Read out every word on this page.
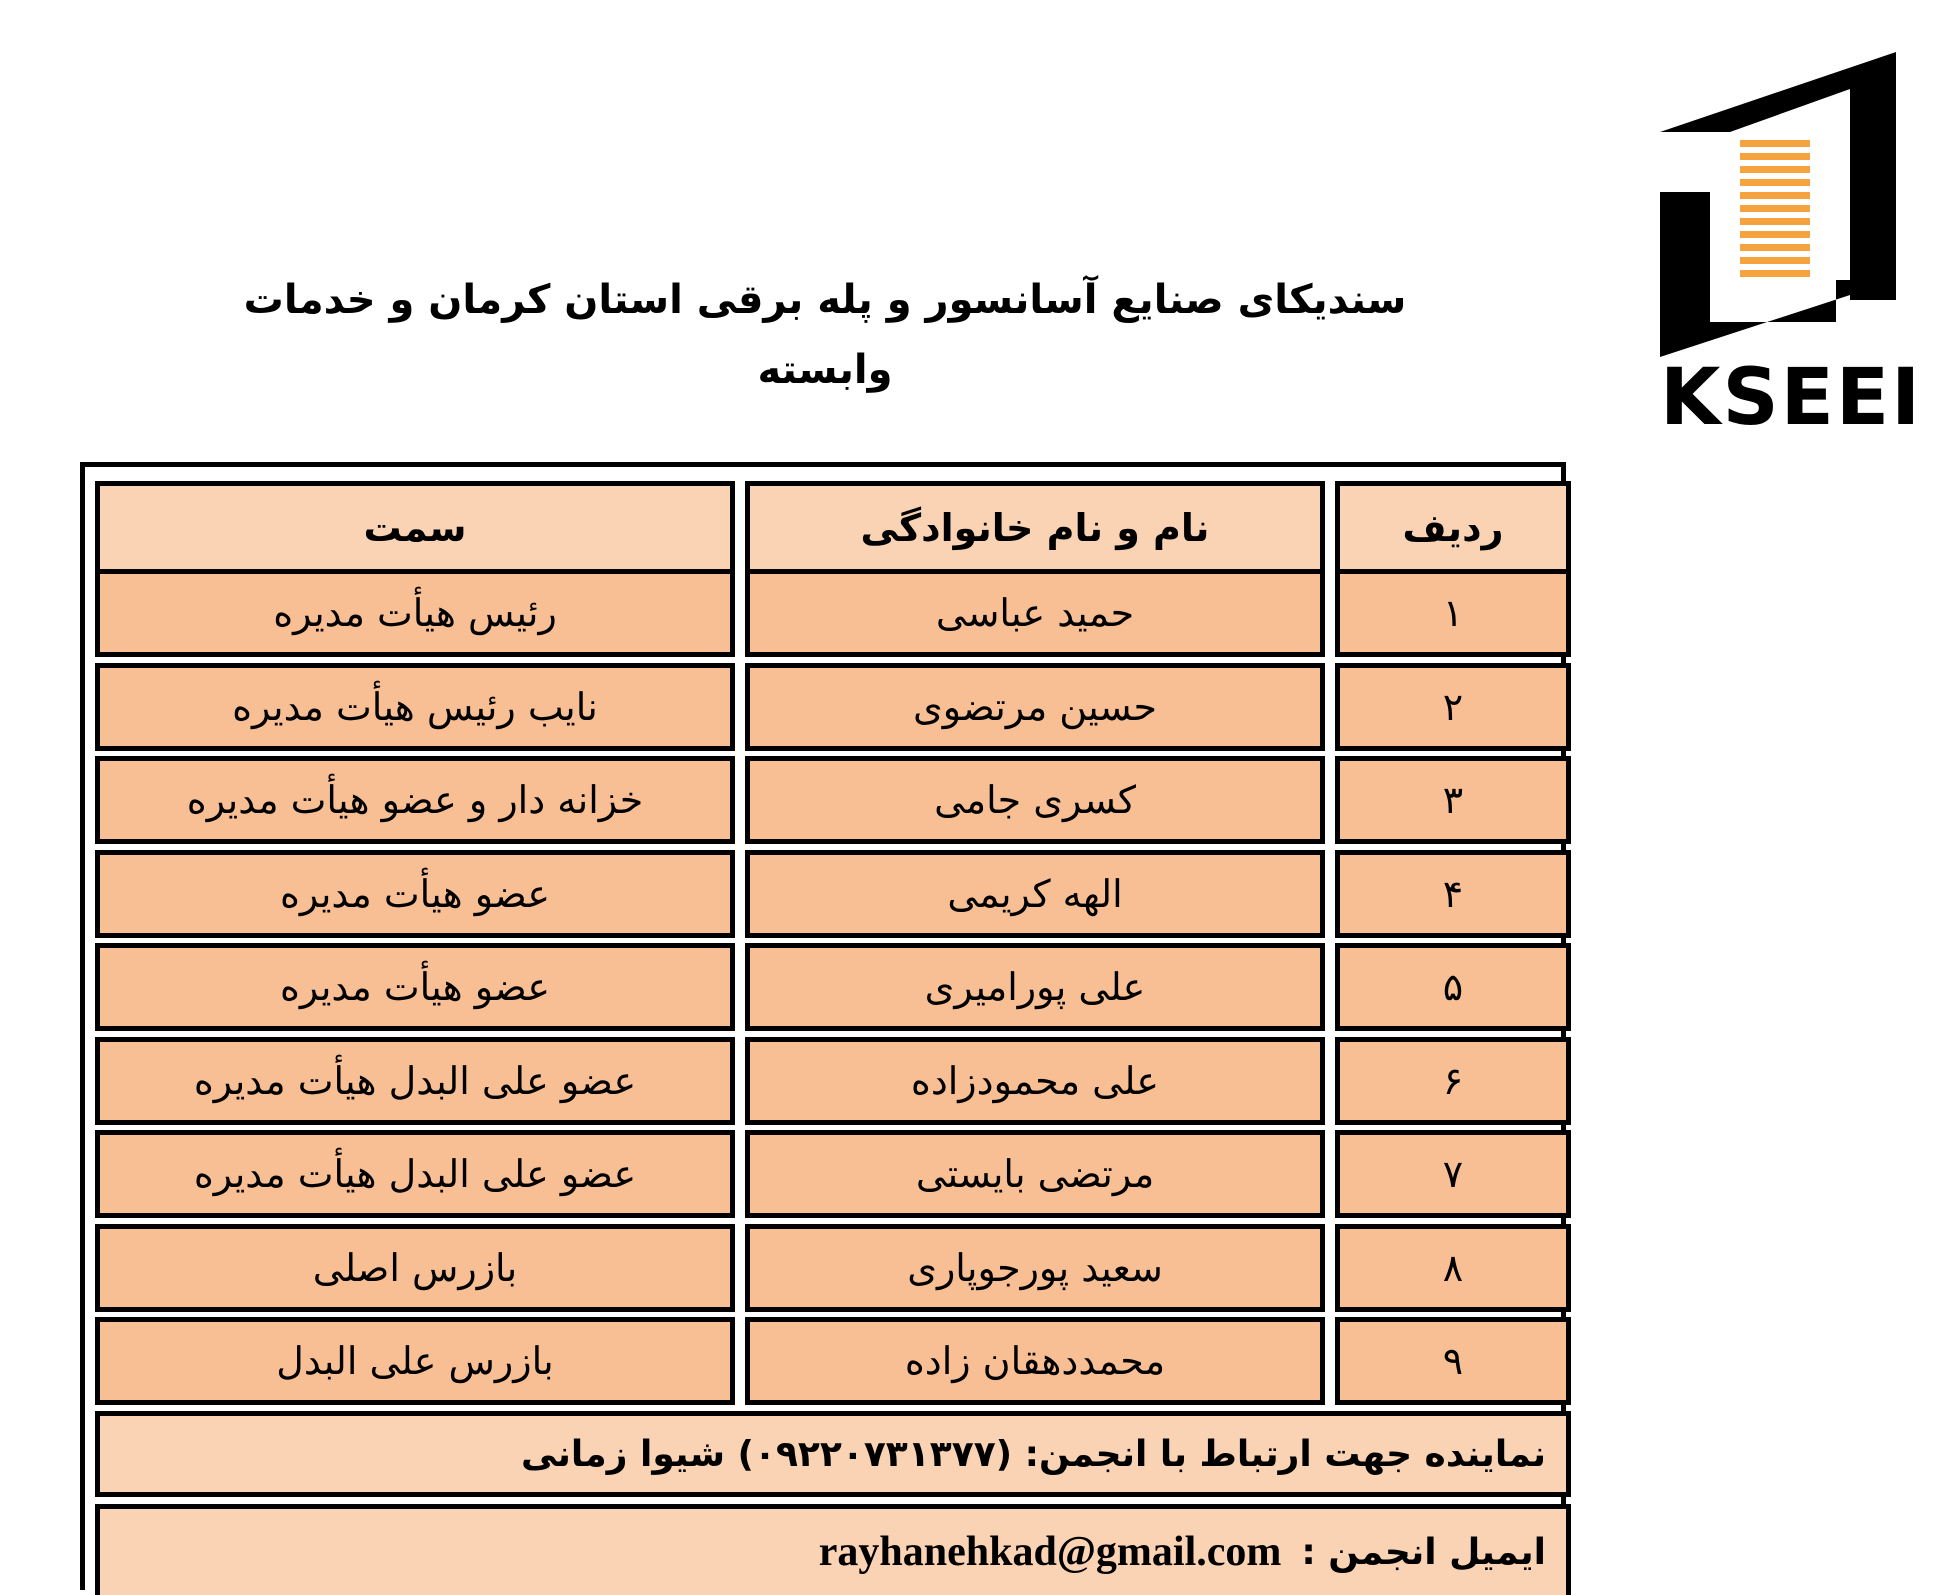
KSEEI
سندیکای صنایع آسانسور و پله برقی استان کرمان و خدمات وابسته
سمت	نام و نام خانوادگی	ردیف
رئیس هیأت مدیره	حمید عباسی	۱
نایب رئیس هیأت مدیره	حسین مرتضوی	۲
خزانه دار و عضو هیأت مدیره	کسری جامی	۳
عضو هیأت مدیره	الهه کریمی	۴
عضو هیأت مدیره	علی پورامیری	۵
عضو علی البدل هیأت مدیره	علی محمودزاده	۶
عضو علی البدل هیأت مدیره	مرتضی بایستی	۷
بازرس اصلی	سعید پورجوپاری	۸
بازرس علی البدل	محمددهقان زاده	۹
نماینده جهت ارتباط با انجمن: (۰۹۲۲۰۷۳۱۳۷۷) شیوا زمانی
ایمیل انجمن :
rayhanehkad@gmail.com
